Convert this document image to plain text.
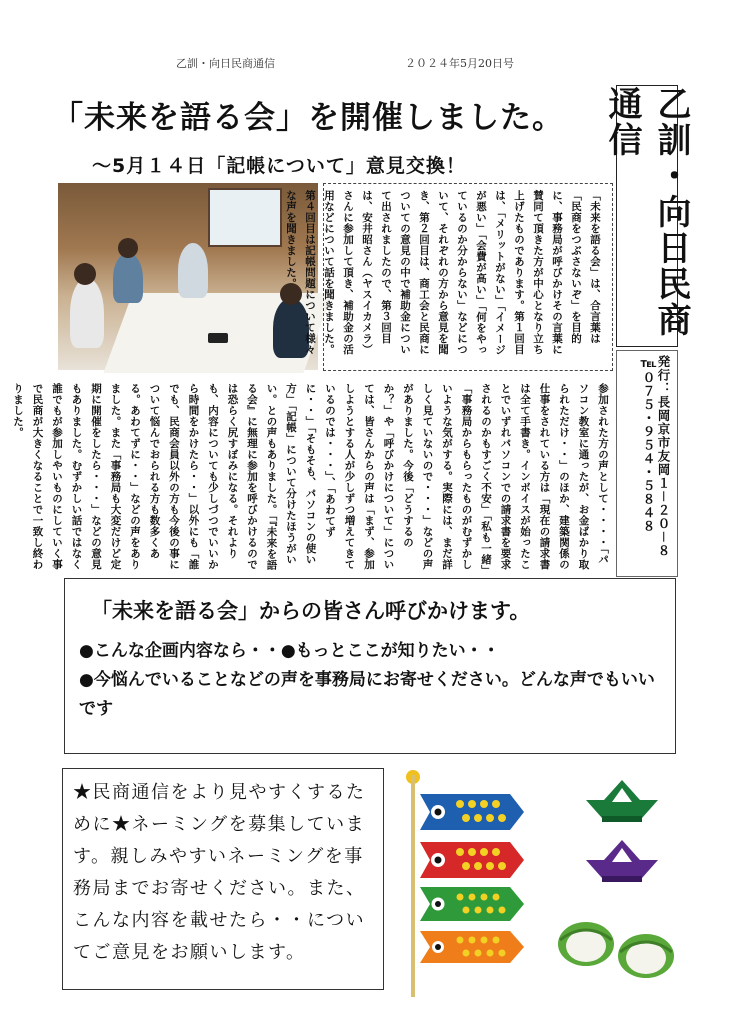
乙訓・向日民商通信	２０２４年5月20日号
「未来を語る会」を開催しました。
～5月１４日「記帳について」意見交換！	乙訓・向日民商通信
発行：長岡京市友岡１－２０－８
℡０７５・９５４・５８４８
「未来を語る会」は、合言葉は「民商をつぶさないぞ」を目的に、事務局が呼びかけその言葉に賛同て頂きた方が中心となり立ち上げたものであります。第１回目は、「メリットがない」「イメージが悪い」「会費が高い」「何をやっているのか分からない」などについて、それぞれの方から意見を聞き、第２回目は、商工会と民商についての意見の中で補助金について出されましたので、第３回目は、安井昭さん（ヤスイカメラ）さんに参加して頂き、補助金の活用などについて話を聞きました。第４回目は記帳問題について様々な声を聞きました。
参加された方の声として・・・・「パソコン教室に通ったが、お金ばかり取られただけ・・」のほか、建築関係の仕事をされている方は「現在の請求書は全て手書き。インボイスが始ったことでいずれパソコンでの請求書を要求されるのかもすごく不安」「私も一緒」「事務局からもらったものがむずかしいような気がする。実際には、まだ詳しく見ていないので・・・」などの声がありました。今後「どうするのか？」や「呼びかけについて」については、皆さんからの声は「まず、参加しようとする人が少しずつ増えてきているのでは・・・」、「あわてずに・・」「そもそも、パソコンの使い方」「記帳」について分けたほうがいい。との声もありました。「『未来を語る会』に無理に参加を呼びかけるのでは恐らく尻すぼみになる。それよりも、内容についても少しづつでいいから時間をかけたら・・」以外にも「誰でも、民商会員以外の方も今後の事について悩んでおられる方も数多くある。あわてずに・・」などの声をありました。また「事務局も大変だけど定期に開催をしたら・・・」などの意見もありました。むずかしい話ではなく誰でもが参加しやいものにしていく事で民商が大きくなることで一致し終わりました。
「未来を語る会」からの皆さん呼びかけます。
●こんな企画内容なら・・●もっとここが知りたい・・
●今悩んでいることなどの声を事務局にお寄せください。どんな声でもいいです
★民商通信をより見やすくするために★ネーミングを募集しています。親しみやすいネーミングを事務局までお寄せください。また、こんな内容を載せたら・・についてご意見をお願いします。
